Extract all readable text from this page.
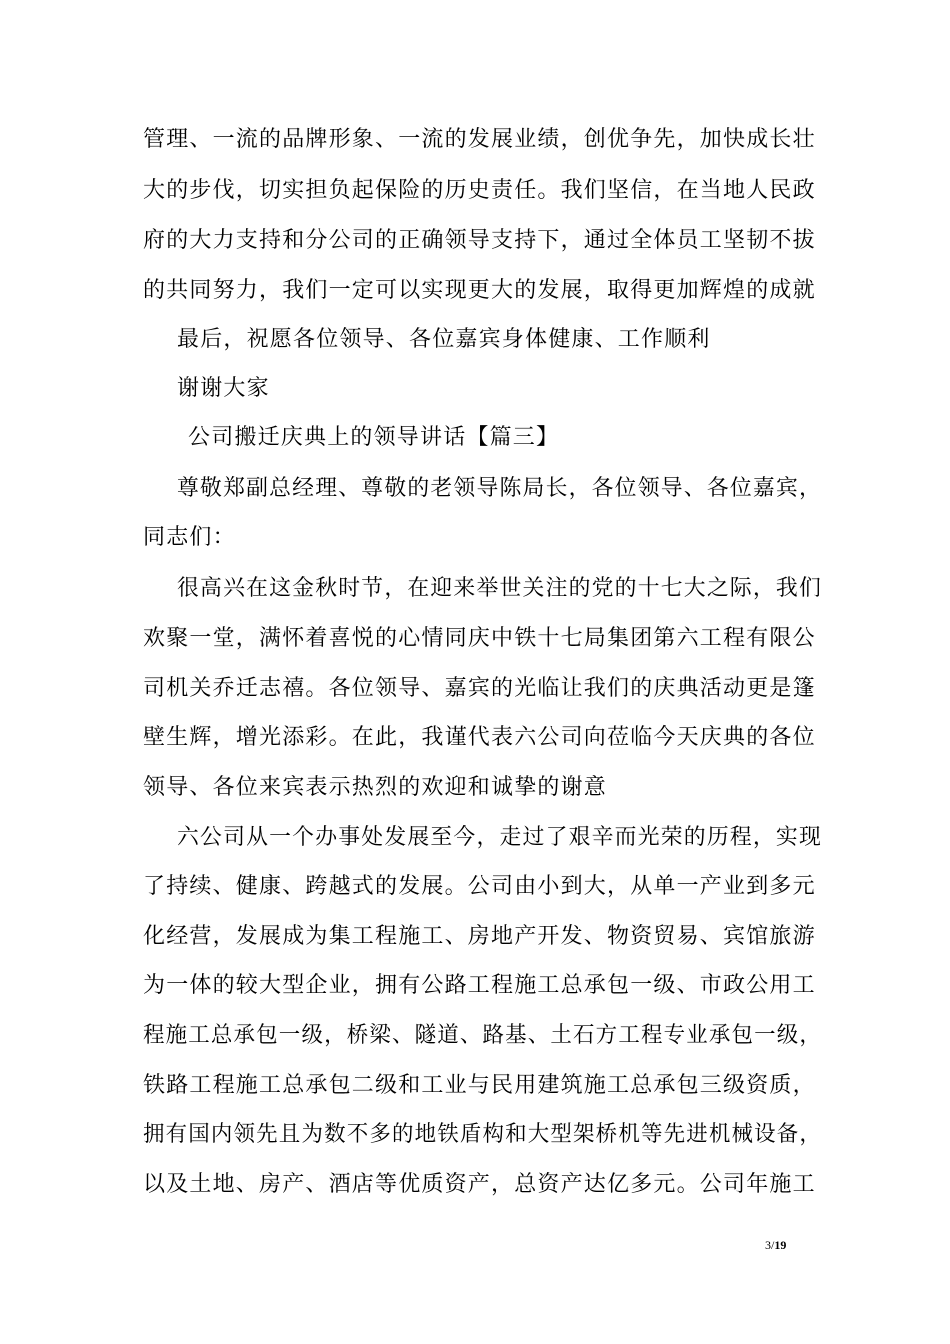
管理、一流的品牌形象、一流的发展业绩，创优争先，加快成长壮
大的步伐，切实担负起保险的历史责任。我们坚信，在当地人民政
府的大力支持和分公司的正确领导支持下，通过全体员工坚韧不拔
的共同努力，我们一定可以实现更大的发展，取得更加辉煌的成就
最后，祝愿各位领导、各位嘉宾身体健康、工作顺利
谢谢大家
公司搬迁庆典上的领导讲话【篇三】
尊敬郑副总经理、尊敬的老领导陈局长，各位领导、各位嘉宾，
同志们：
很高兴在这金秋时节，在迎来举世关注的党的十七大之际，我们
欢聚一堂，满怀着喜悦的心情同庆中铁十七局集团第六工程有限公
司机关乔迁志禧。各位领导、嘉宾的光临让我们的庆典活动更是篷
壁生辉，增光添彩。在此，我谨代表六公司向莅临今天庆典的各位
领导、各位来宾表示热烈的欢迎和诚挚的谢意
六公司从一个办事处发展至今，走过了艰辛而光荣的历程，实现
了持续、健康、跨越式的发展。公司由小到大，从单一产业到多元
化经营，发展成为集工程施工、房地产开发、物资贸易、宾馆旅游
为一体的较大型企业，拥有公路工程施工总承包一级、市政公用工
程施工总承包一级，桥梁、隧道、路基、土石方工程专业承包一级，
铁路工程施工总承包二级和工业与民用建筑施工总承包三级资质，
拥有国内领先且为数不多的地铁盾构和大型架桥机等先进机械设备，
以及土地、房产、酒店等优质资产，总资产达亿多元。公司年施工
3/19
